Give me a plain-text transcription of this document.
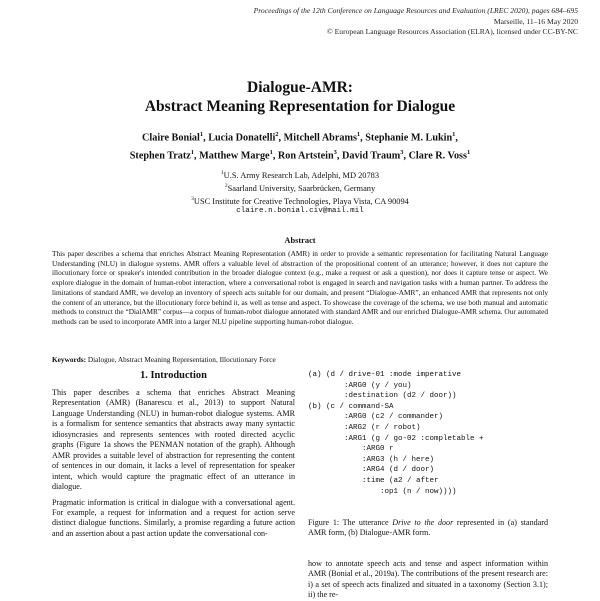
Proceedings of the 12th Conference on Language Resources and Evaluation (LREC 2020), pages 684–695
Marseille, 11–16 May 2020
© European Language Resources Association (ELRA), licensed under CC-BY-NC
Dialogue-AMR:
Abstract Meaning Representation for Dialogue
Claire Bonial$^1$, Lucia Donatelli$^2$, Mitchell Abrams$^1$, Stephanie M. Lukin$^1$,
Stephen Tratz$^1$, Matthew Marge$^1$, Ron Artstein$^3$, David Traum$^3$, Clare R. Voss$^1$
$^1$U.S. Army Research Lab, Adelphi, MD 20783
$^2$Saarland University, Saarbrücken, Germany
$^3$USC Institute for Creative Technologies, Playa Vista, CA 90094
claire.n.bonial.civ@mail.mil
Abstract

This paper describes a schema that enriches Abstract Meaning Representation (AMR) in order to provide a semantic representation for facilitating Natural Language Understanding (NLU) in dialogue systems. AMR offers a valuable level of abstraction of the propositional content of an utterance; however, it does not capture the illocutionary force or speaker's intended contribution in the broader dialogue context (e.g., make a request or ask a question), nor does it capture tense or aspect. We explore dialogue in the domain of human-robot interaction, where a conversational robot is engaged in search and navigation tasks with a human partner. To address the limitations of standard AMR, we develop an inventory of speech acts suitable for our domain, and present “Dialogue-AMR”, an enhanced AMR that represents not only the content of an utterance, but the illocutionary force behind it, as well as tense and aspect. To showcase the coverage of the schema, we use both manual and automatic methods to construct the “DialAMR” corpus—a corpus of human-robot dialogue annotated with standard AMR and our enriched Dialogue-AMR schema. Our automated methods can be used to incorporate AMR into a larger NLU pipeline supporting human-robot dialogue.

Keywords: Dialogue, Abstract Meaning Representation, Illocutionary Force

1. Introduction

This paper describes a schema that enriches Abstract Meaning Representation (AMR) (Banarescu et al., 2013) to support Natural Language Understanding (NLU) in human-robot dialogue systems. AMR is a formalism for sentence semantics that abstracts away many syntactic idiosyncrasies and represents sentences with rooted directed acyclic graphs (Figure 1a shows the PENMAN notation of the graph). Although AMR provides a suitable level of abstraction for representing the content of sentences in our domain, it lacks a level of representation for speaker intent, which would capture the pragmatic effect of an utterance in dialogue.

Pragmatic information is critical in dialogue with a conversational agent. For example, a request for information and a request for action serve distinct dialogue functions. Similarly, a promise regarding a future action and an assertion about a past action update the conversational con-

(a) (d / drive-01 :mode imperative
:ARG0 (y / you)
:destination (d2 / door))
(b) (c / command-SA
:ARG0 (c2 / commander)
:ARG2 (r / robot)
:ARG1 (g / go-02 :completable +
:ARG0 r
:ARG3 (h / here)
:ARG4 (d / door)
:time (a2 / after
:op1 (n / now))))

Figure 1: The utterance Drive to the door represented in (a) standard AMR form, (b) Dialogue-AMR form.

how to annotate speech acts and tense and aspect information within AMR (Bonial et al., 2019a). The contributions of the present research are: i) a set of speech acts finalized and situated in a taxonomy (Section 3.1); ii) the re-
